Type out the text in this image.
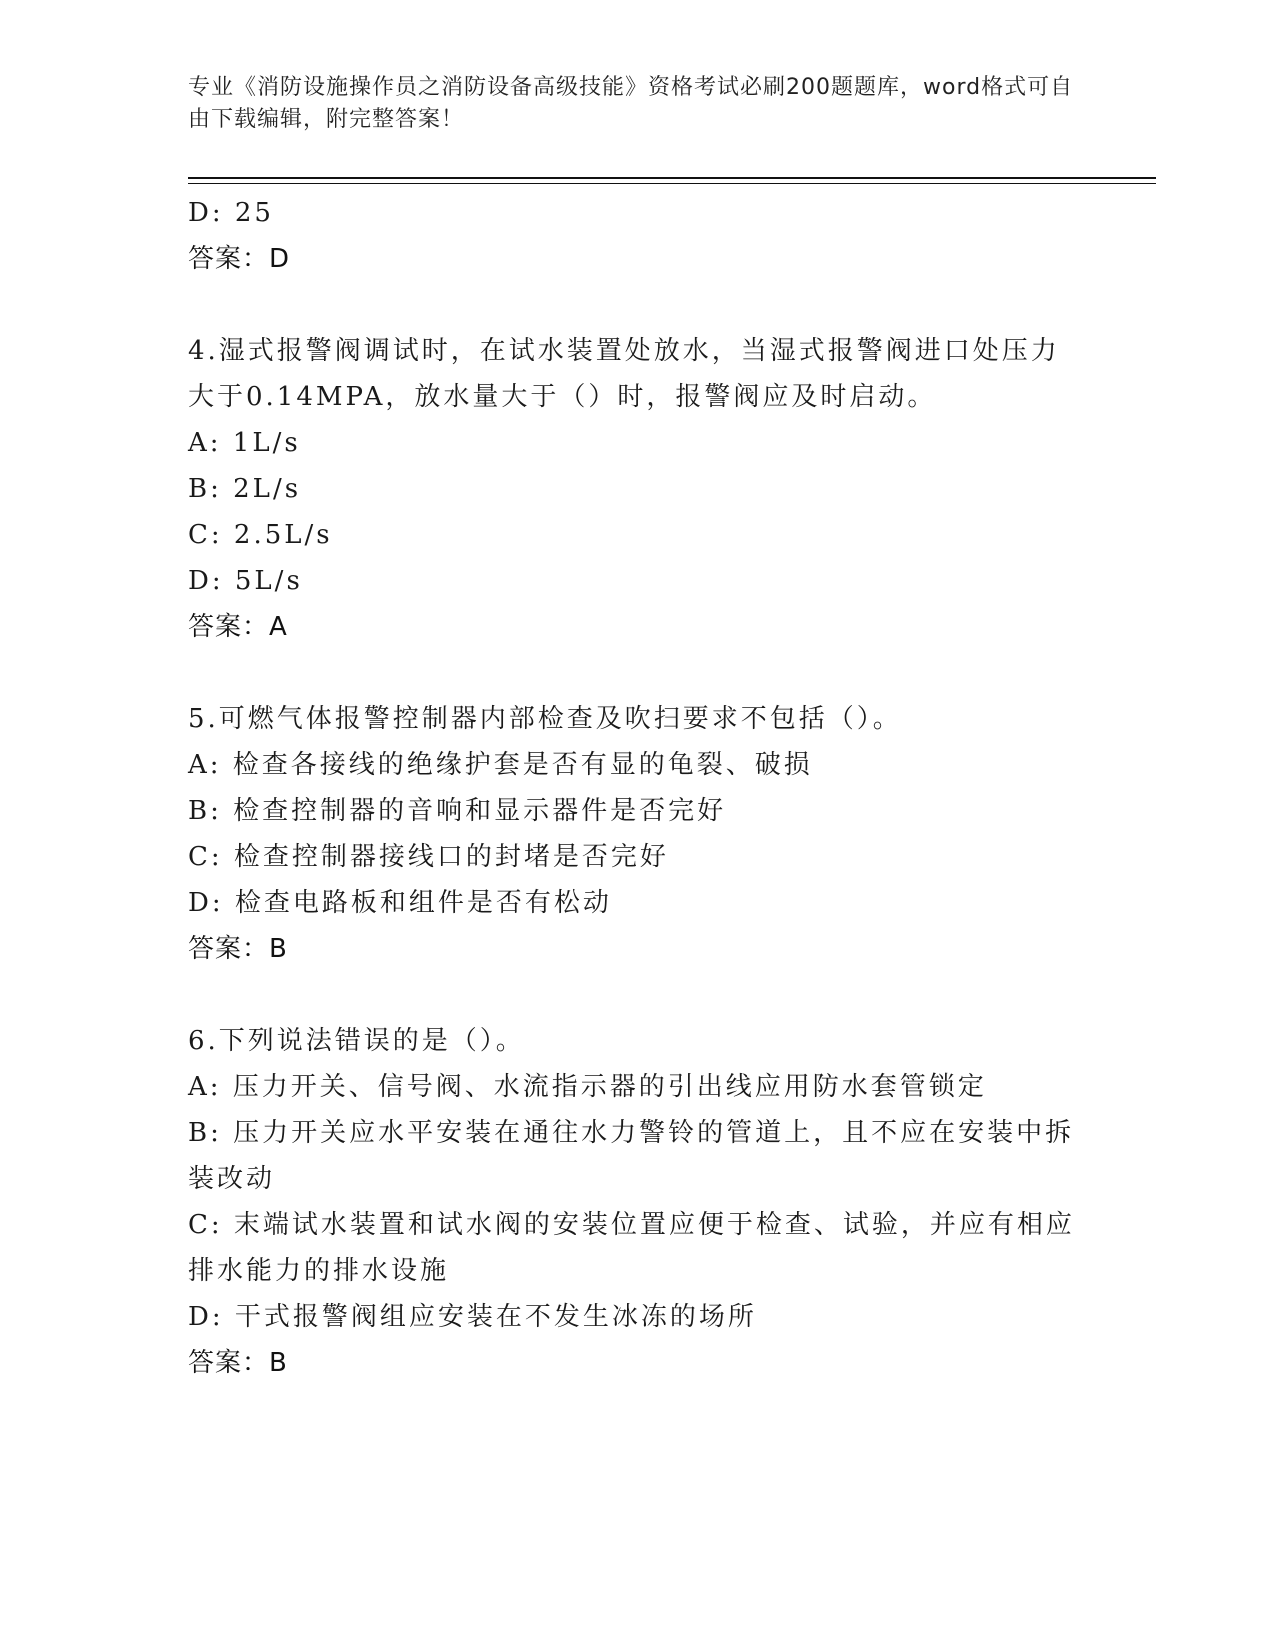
专业《消防设施操作员之消防设备高级技能》资格考试必刷200题题库，word格式可自由下载编辑，附完整答案！
D: 25
答案：D
4.湿式报警阀调试时，在试水装置处放水，当湿式报警阀进口处压力
大于0.14MPA，放水量大于（）时，报警阀应及时启动。
A: 1L/s
B: 2L/s
C: 2.5L/s
D: 5L/s
答案：A
5.可燃气体报警控制器内部检查及吹扫要求不包括（）。
A: 检查各接线的绝缘护套是否有显的龟裂、破损
B: 检查控制器的音响和显示器件是否完好
C: 检查控制器接线口的封堵是否完好
D: 检查电路板和组件是否有松动
答案：B
6.下列说法错误的是（）。
A: 压力开关、信号阀、水流指示器的引出线应用防水套管锁定
B: 压力开关应水平安装在通往水力警铃的管道上，且不应在安装中拆
装改动
C: 末端试水装置和试水阀的安装位置应便于检查、试验，并应有相应
排水能力的排水设施
D: 干式报警阀组应安装在不发生冰冻的场所
答案：B
